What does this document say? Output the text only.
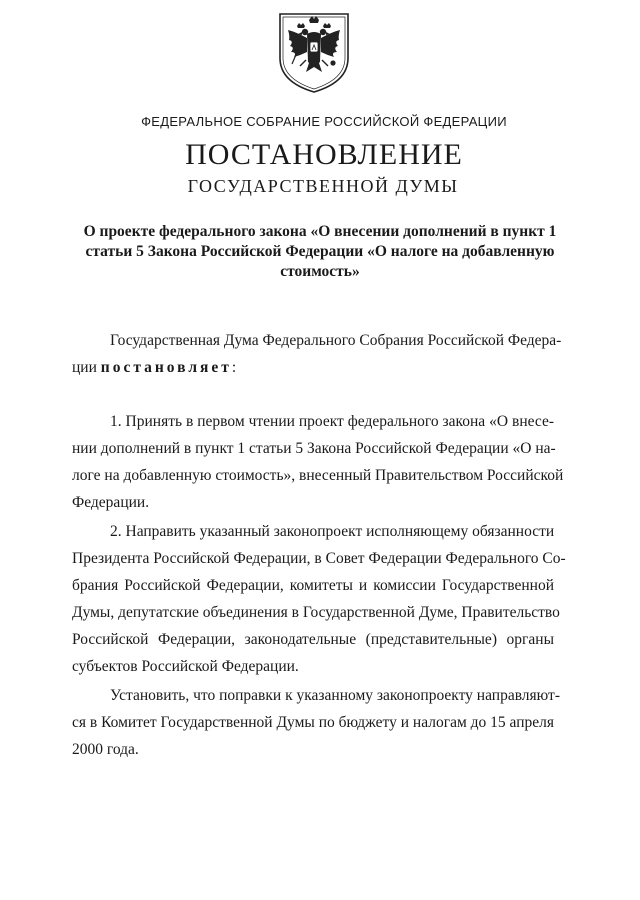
ФЕДЕРАЛЬНОЕ СОБРАНИЕ РОССИЙСКОЙ ФЕДЕРАЦИИ
ПОСТАНОВЛЕНИЕ
ГОСУДАРСТВЕННОЙ ДУМЫ
О проекте федерального закона «О внесении дополнений в пункт 1
статьи 5 Закона Российской Федерации «О налоге на добавленную
стоимость»

Государственная Дума Федерального Собрания Российской Федера-
ции постановляет:

1. Принять в первом чтении проект федерального закона «О внесе-
нии дополнений в пункт 1 статьи 5 Закона Российской Федерации «О на-
логе на добавленную стоимость», внесенный Правительством Российской
Федерации.

2. Направить указанный законопроект исполняющему обязанности
Президента Российской Федерации, в Совет Федерации Федерального Со-
брания Российской Федерации, комитеты и комиссии Государственной
Думы, депутатские объединения в Государственной Думе, Правительство
Российской Федерации, законодательные (представительные) органы
субъектов Российской Федерации.

Установить, что поправки к указанному законопроекту направляют-
ся в Комитет Государственной Думы по бюджету и налогам до 15 апреля
2000 года.
